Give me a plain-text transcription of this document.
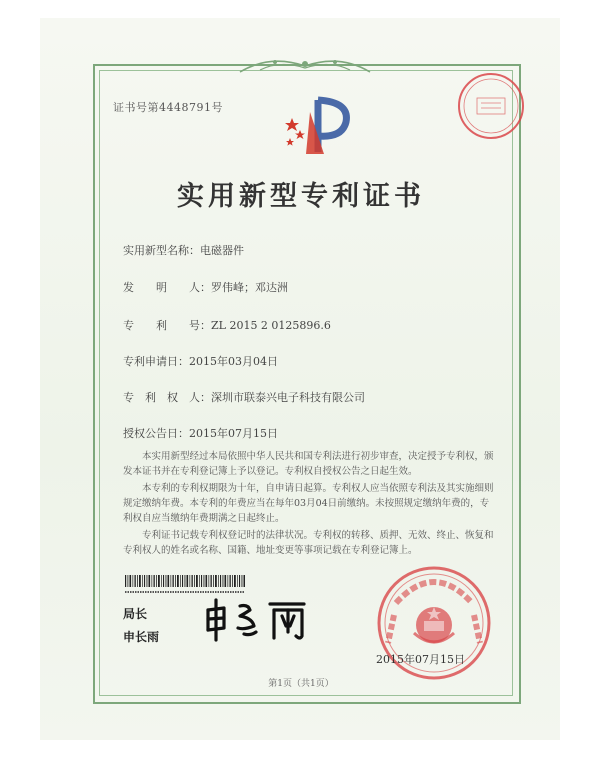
证书号第4448791号
实用新型专利证书
实用新型名称：电磁器件
发　　明　　人：罗伟峰；邓达洲
专　　利　　号：ZL 2015 2 0125896.6
专利申请日：2015年03月04日
专　利　权　人：深圳市联泰兴电子科技有限公司
授权公告日：2015年07月15日

本实用新型经过本局依照中华人民共和国专利法进行初步审查，决定授予专利权，颁发本证书并在专利登记簿上予以登记。专利权自授权公告之日起生效。

本专利的专利权期限为十年，自申请日起算。专利权人应当依照专利法及其实施细则规定缴纳年费。本专利的年费应当在每年03月04日前缴纳。未按照规定缴纳年费的，专利权自应当缴纳年费期满之日起终止。

专利证书记载专利权登记时的法律状况。专利权的转移、质押、无效、终止、恢复和专利权人的姓名或名称、国籍、地址变更等事项记载在专利登记簿上。

局长
申长雨
2015年07月15日
第1页（共1页）
